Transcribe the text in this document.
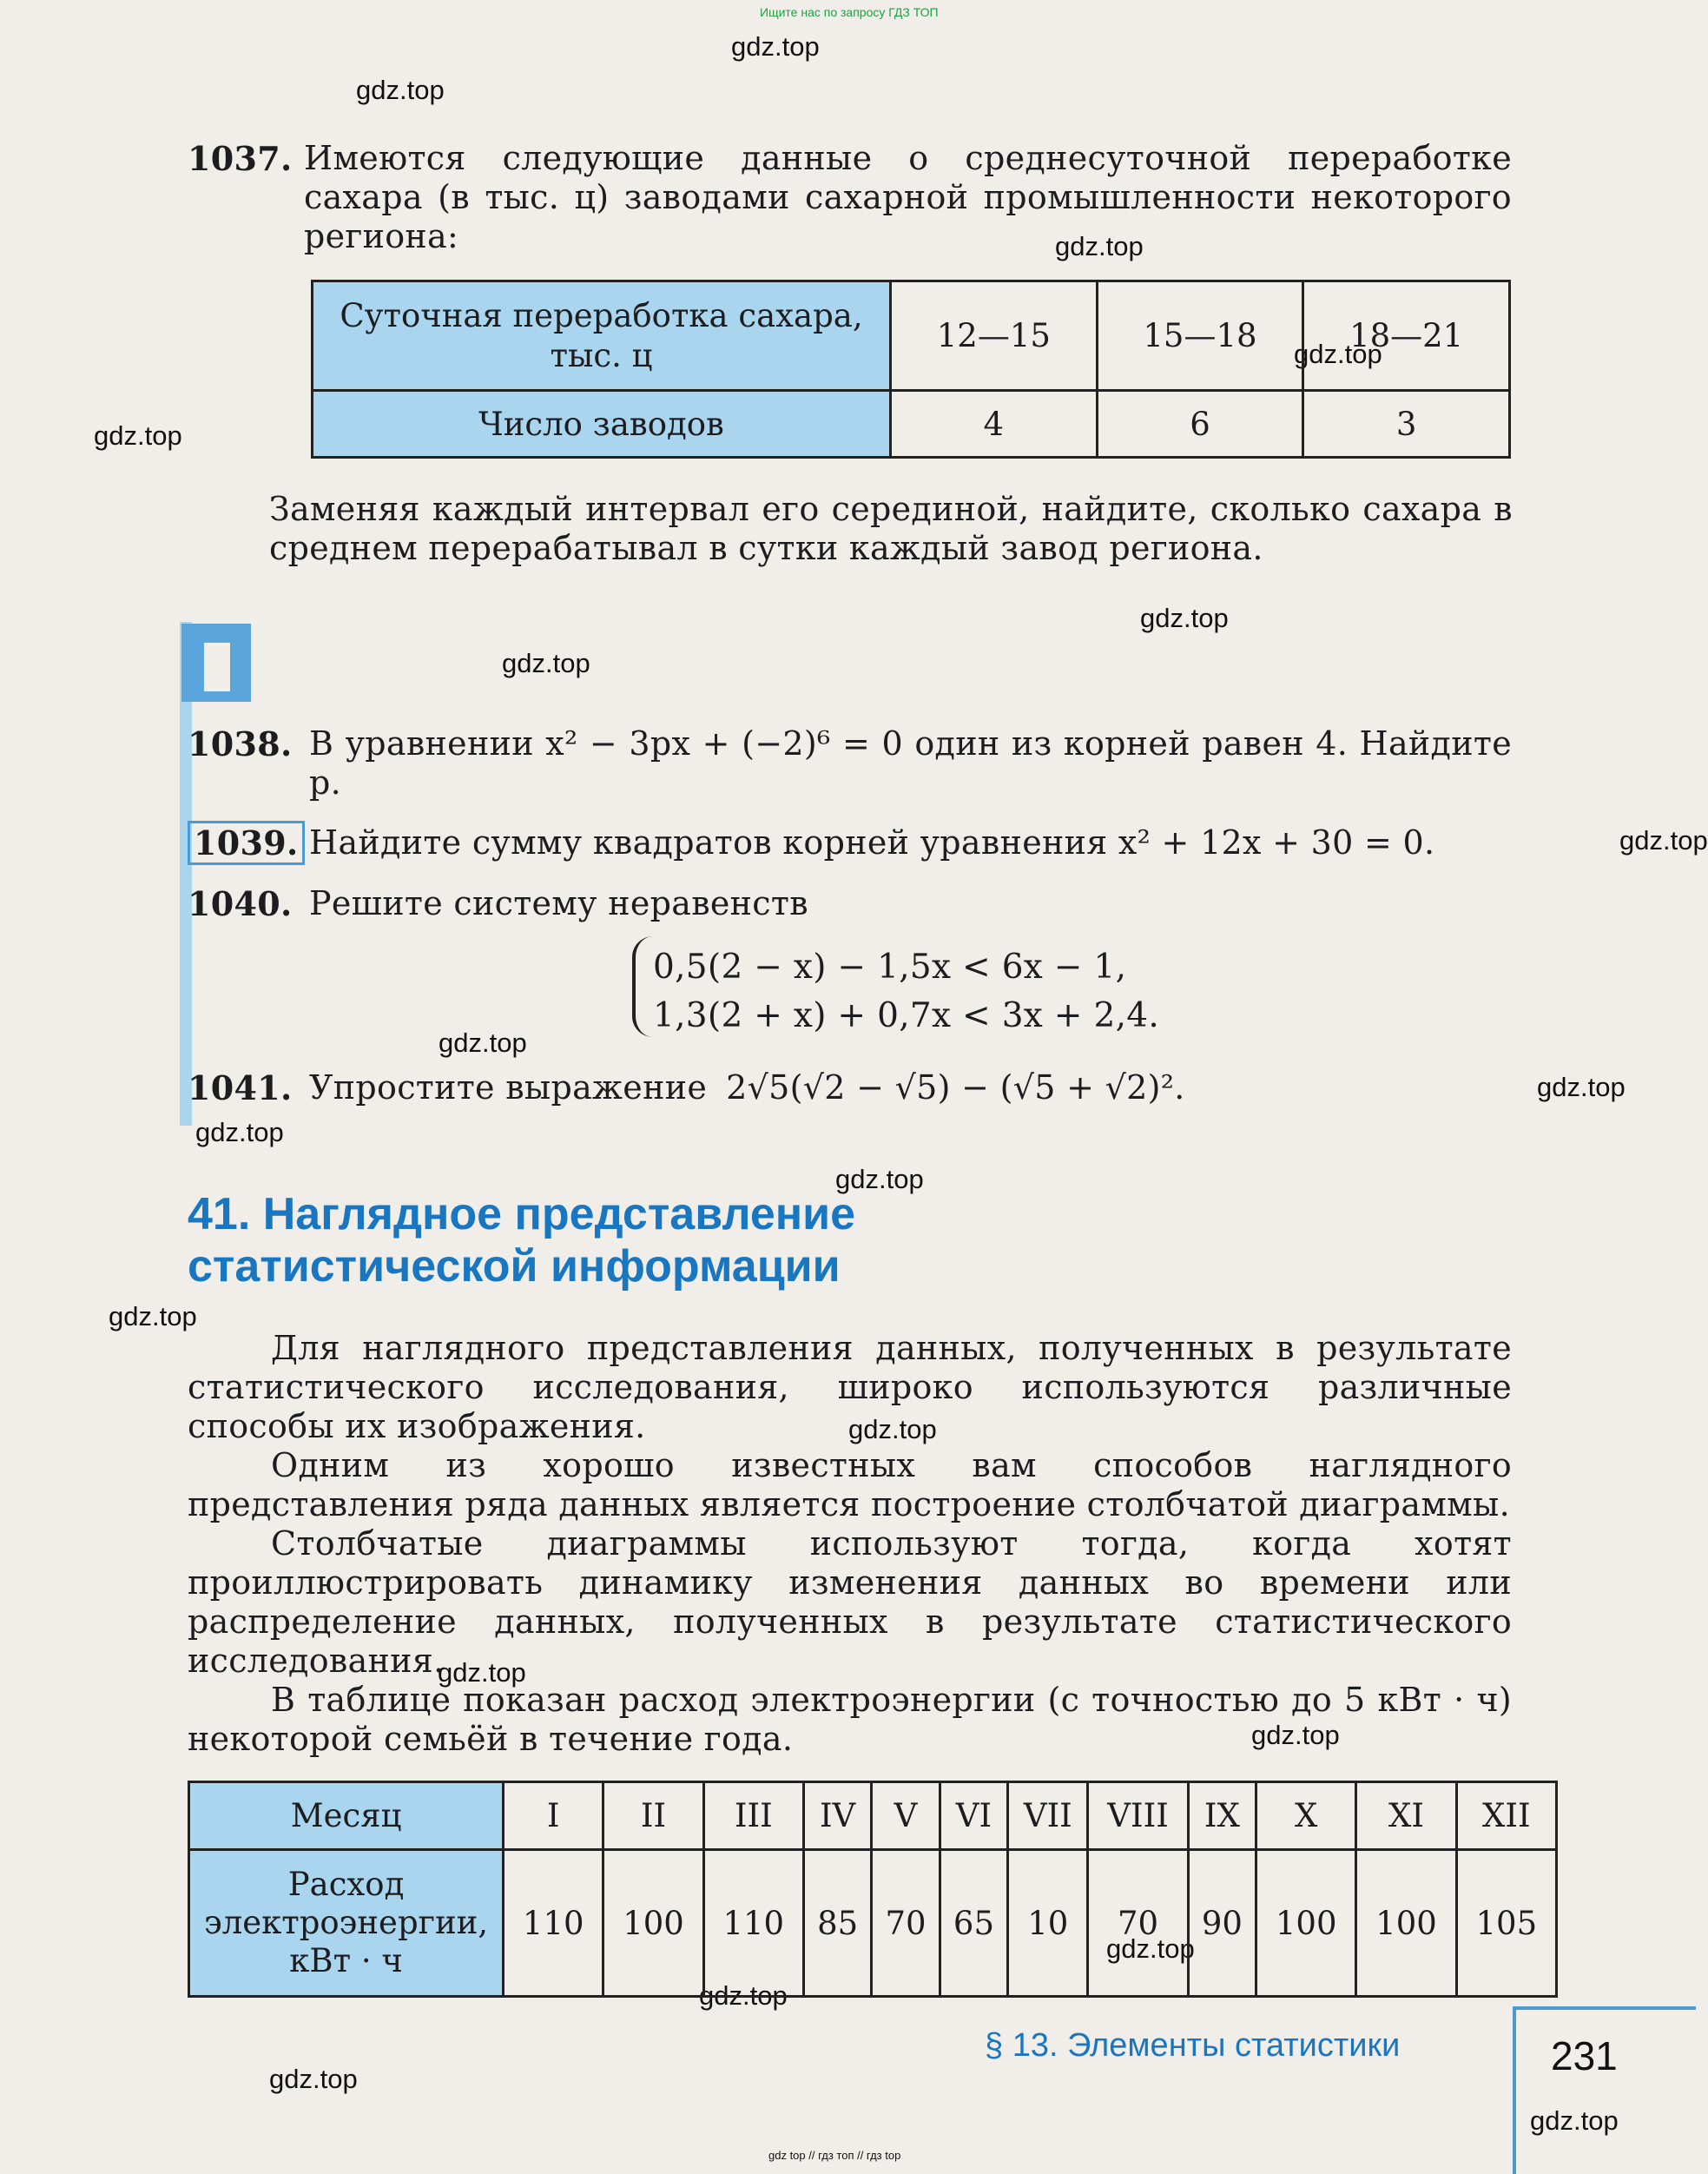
Ищите нас по запросу ГДЗ ТОП
gdz.top
gdz.top
gdz.top
gdz.top
gdz.top
gdz.top
gdz.top
gdz.top
gdz.top
gdz.top
gdz.top
gdz.top
gdz.top
gdz.top
gdz.top
gdz.top
gdz.top
gdz.top
gdz.top
gdz.top
1037. Имеются следующие данные о среднесуточной переработке сахара (в тыс. ц) заводами сахарной промышленности некоторого региона:
Суточная переработка сахара, тыс. ц	12—15	15—18	18—21
Число заводов	4	6	3
Заменяя каждый интервал его серединой, найдите, сколько сахара в среднем перерабатывал в сутки каждый завод региона.
1038. В уравнении x² − 3px + (−2)⁶ = 0 один из корней равен 4. Найдите p.
1039. Найдите сумму квадратов корней уравнения x² + 12x + 30 = 0.
1040. Решите систему неравенств
0,5(2 − x) − 1,5x < 6x − 1,
1,3(2 + x) + 0,7x < 3x + 2,4.
1041. Упростите выражение 2√5(√2 − √5) − (√5 + √2)².
41. Наглядное представление
статистической информации

Для наглядного представления данных, полученных в результате статистического исследования, широко используются различные способы их изображения.

Одним из хорошо известных вам способов наглядного представления ряда данных является построение столбчатой диаграммы.

Столбчатые диаграммы используют тогда, когда хотят проиллюстрировать динамику изменения данных во времени или распределение данных, полученных в результате статистического исследования.

В таблице показан расход электроэнергии (с точностью до 5 кВт · ч) некоторой семьёй в течение года.

Месяц	I	II	III	IV	V	VI	VII	VIII	IX	X	XI	XII
Расход электроэнергии, кВт · ч	110	100	110	85	70	65	10	70	90	100	100	105
§ 13. Элементы статистики	231
gdz top // гдз топ // гдз top
